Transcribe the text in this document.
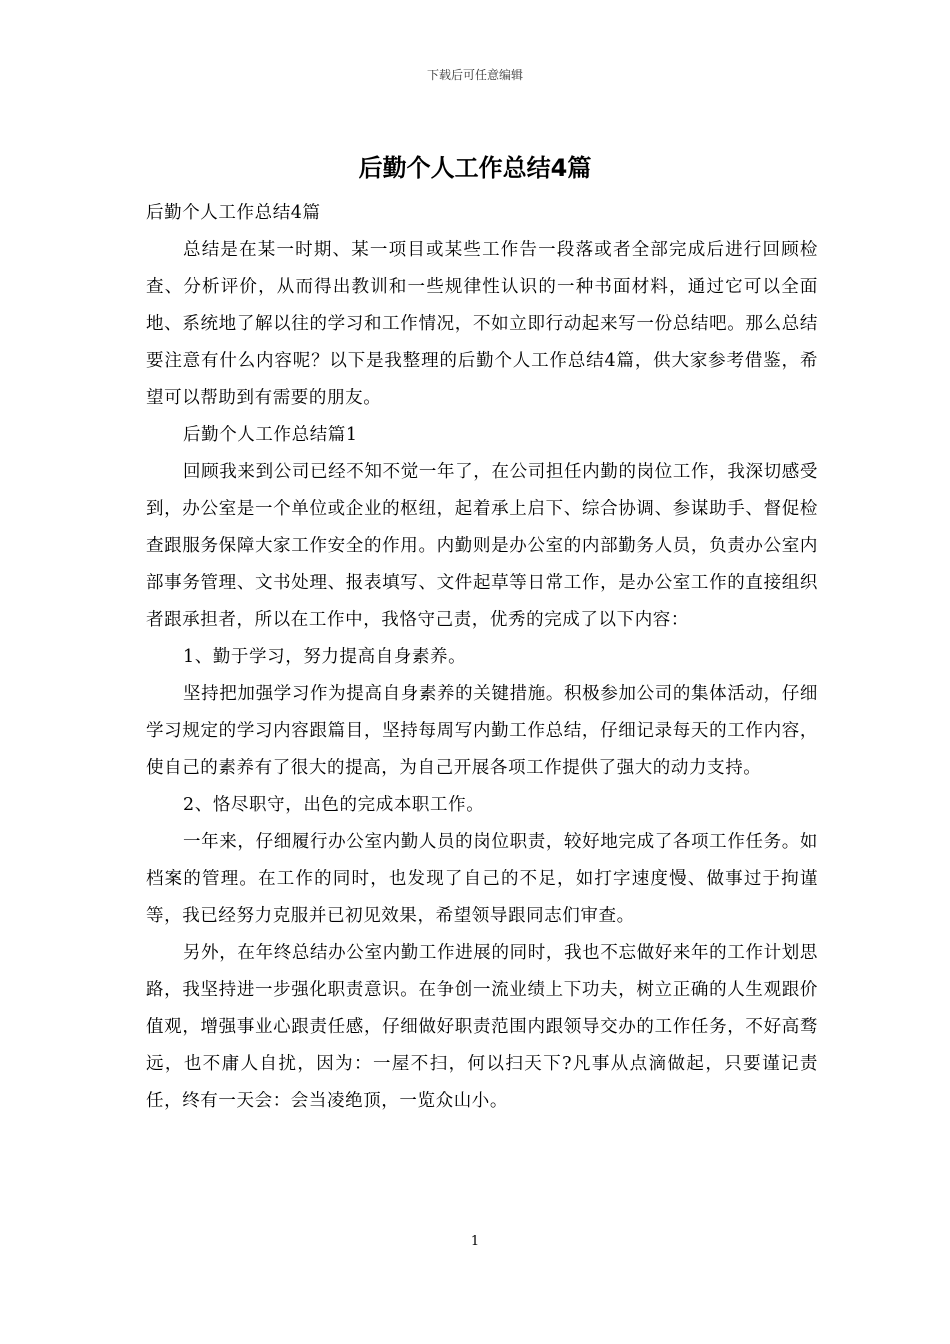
下载后可任意编辑
后勤个人工作总结4篇

后勤个人工作总结4篇

总结是在某一时期、某一项目或某些工作告一段落或者全部完成后进行回顾检查、分析评价，从而得出教训和一些规律性认识的一种书面材料，通过它可以全面地、系统地了解以往的学习和工作情况，不如立即行动起来写一份总结吧。那么总结要注意有什么内容呢？以下是我整理的后勤个人工作总结4篇，供大家参考借鉴，希望可以帮助到有需要的朋友。

后勤个人工作总结篇1

回顾我来到公司已经不知不觉一年了，在公司担任内勤的岗位工作，我深切感受到，办公室是一个单位或企业的枢纽，起着承上启下、综合协调、参谋助手、督促检查跟服务保障大家工作安全的作用。内勤则是办公室的内部勤务人员，负责办公室内部事务管理、文书处理、报表填写、文件起草等日常工作，是办公室工作的直接组织者跟承担者，所以在工作中，我恪守己责，优秀的完成了以下内容：

1、勤于学习，努力提高自身素养。

坚持把加强学习作为提高自身素养的关键措施。积极参加公司的集体活动，仔细学习规定的学习内容跟篇目，坚持每周写内勤工作总结，仔细记录每天的工作内容，使自己的素养有了很大的提高，为自己开展各项工作提供了强大的动力支持。

2、恪尽职守，出色的完成本职工作。

一年来，仔细履行办公室内勤人员的岗位职责，较好地完成了各项工作任务。如档案的管理。在工作的同时，也发现了自己的不足，如打字速度慢、做事过于拘谨等，我已经努力克服并已初见效果，希望领导跟同志们审查。

另外，在年终总结办公室内勤工作进展的同时，我也不忘做好来年的工作计划思路，我坚持进一步强化职责意识。在争创一流业绩上下功夫，树立正确的人生观跟价值观，增强事业心跟责任感，仔细做好职责范围内跟领导交办的工作任务，不好高骛远，也不庸人自扰，因为：一屋不扫，何以扫天下?凡事从点滴做起，只要谨记责任，终有一天会：会当凌绝顶，一览众山小。

1
